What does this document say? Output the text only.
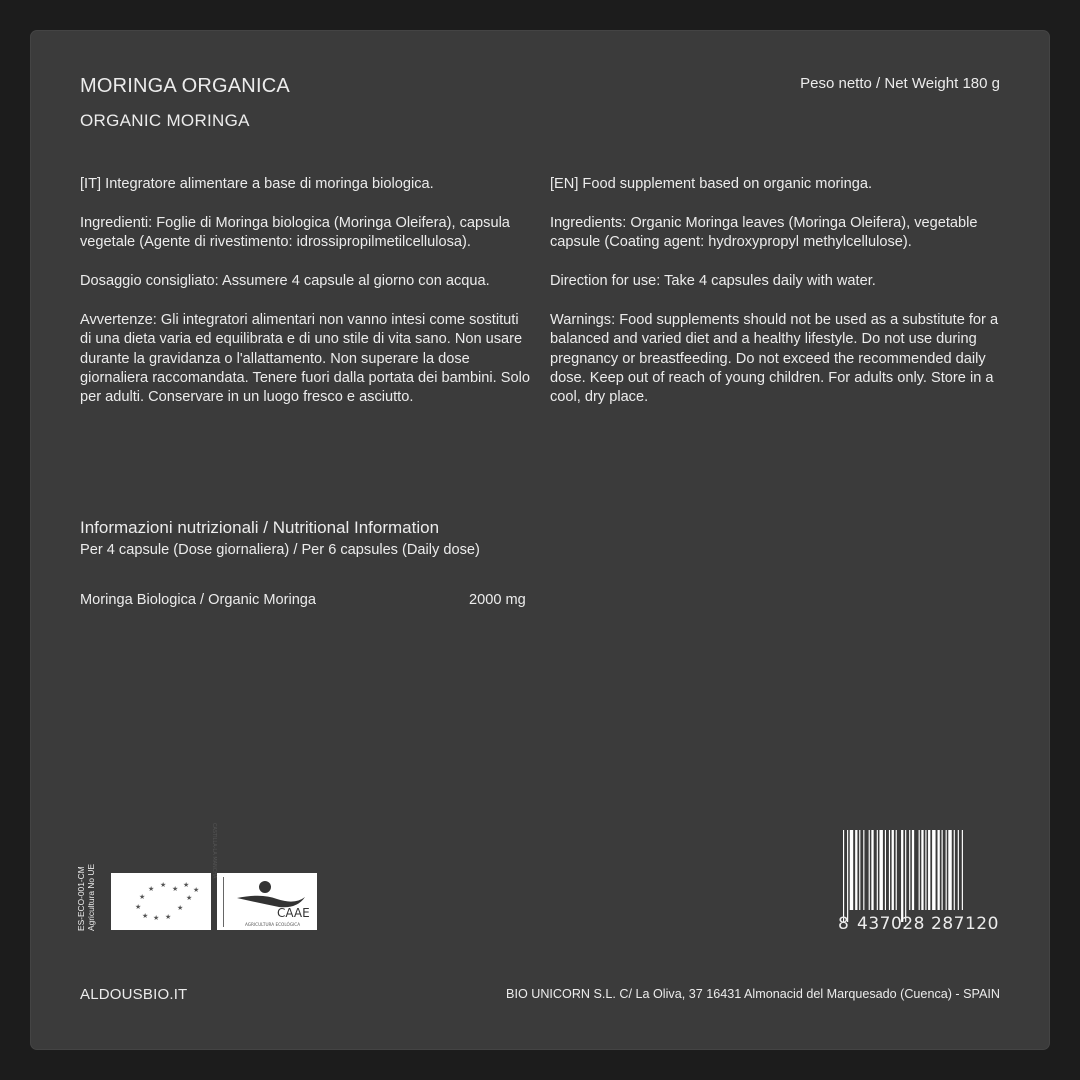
MORINGA ORGANICA
ORGANIC MORINGA
Peso netto / Net Weight 180 g

[IT] Integratore alimentare a base di moringa biologica.

Ingredienti: Foglie di Moringa biologica (Moringa Oleifera), capsula vegetale (Agente di rivestimento: idrossipropilmetilcellulosa).

Dosaggio consigliato: Assumere 4 capsule al giorno con acqua.

Avvertenze: Gli integratori alimentari non vanno intesi come sostituti di una dieta varia ed equilibrata e di uno stile di vita sano. Non usare durante la gravidanza o l'allattamento. Non superare la dose giornaliera raccomandata. Tenere fuori dalla portata dei bambini. Solo per adulti. Conservare in un luogo fresco e asciutto.

[EN] Food supplement based on organic moringa.

Ingredients: Organic Moringa leaves (Moringa Oleifera), vegetable capsule (Coating agent: hydroxypropyl methylcellulose).

Direction for use: Take 4 capsules daily with water.

Warnings: Food supplements should not be used as a substitute for a balanced and varied diet and a healthy lifestyle. Do not use during pregnancy or breastfeeding. Do not exceed the recommended daily dose. Keep out of reach of young children. For adults only. Store in a cool, dry place.

Informazioni nutrizionali / Nutritional Information
Per 4 capsule (Dose giornaliera) / Per 6 capsules (Daily dose)
Moringa Biologica / Organic Moringa	2000 mg
ES-ECO-001-CM Agricultura No UE	★ ★ ★ ★
★
★	★
★	★
★ ★ ★
CASTILLA-LA MANCHA
CAAE
AGRICULTURA ECOLÓGICA	8 437028 287120
ALDOUSBIO.IT	BIO UNICORN S.L. C/ La Oliva, 37 16431 Almonacid del Marquesado (Cuenca) - SPAIN
